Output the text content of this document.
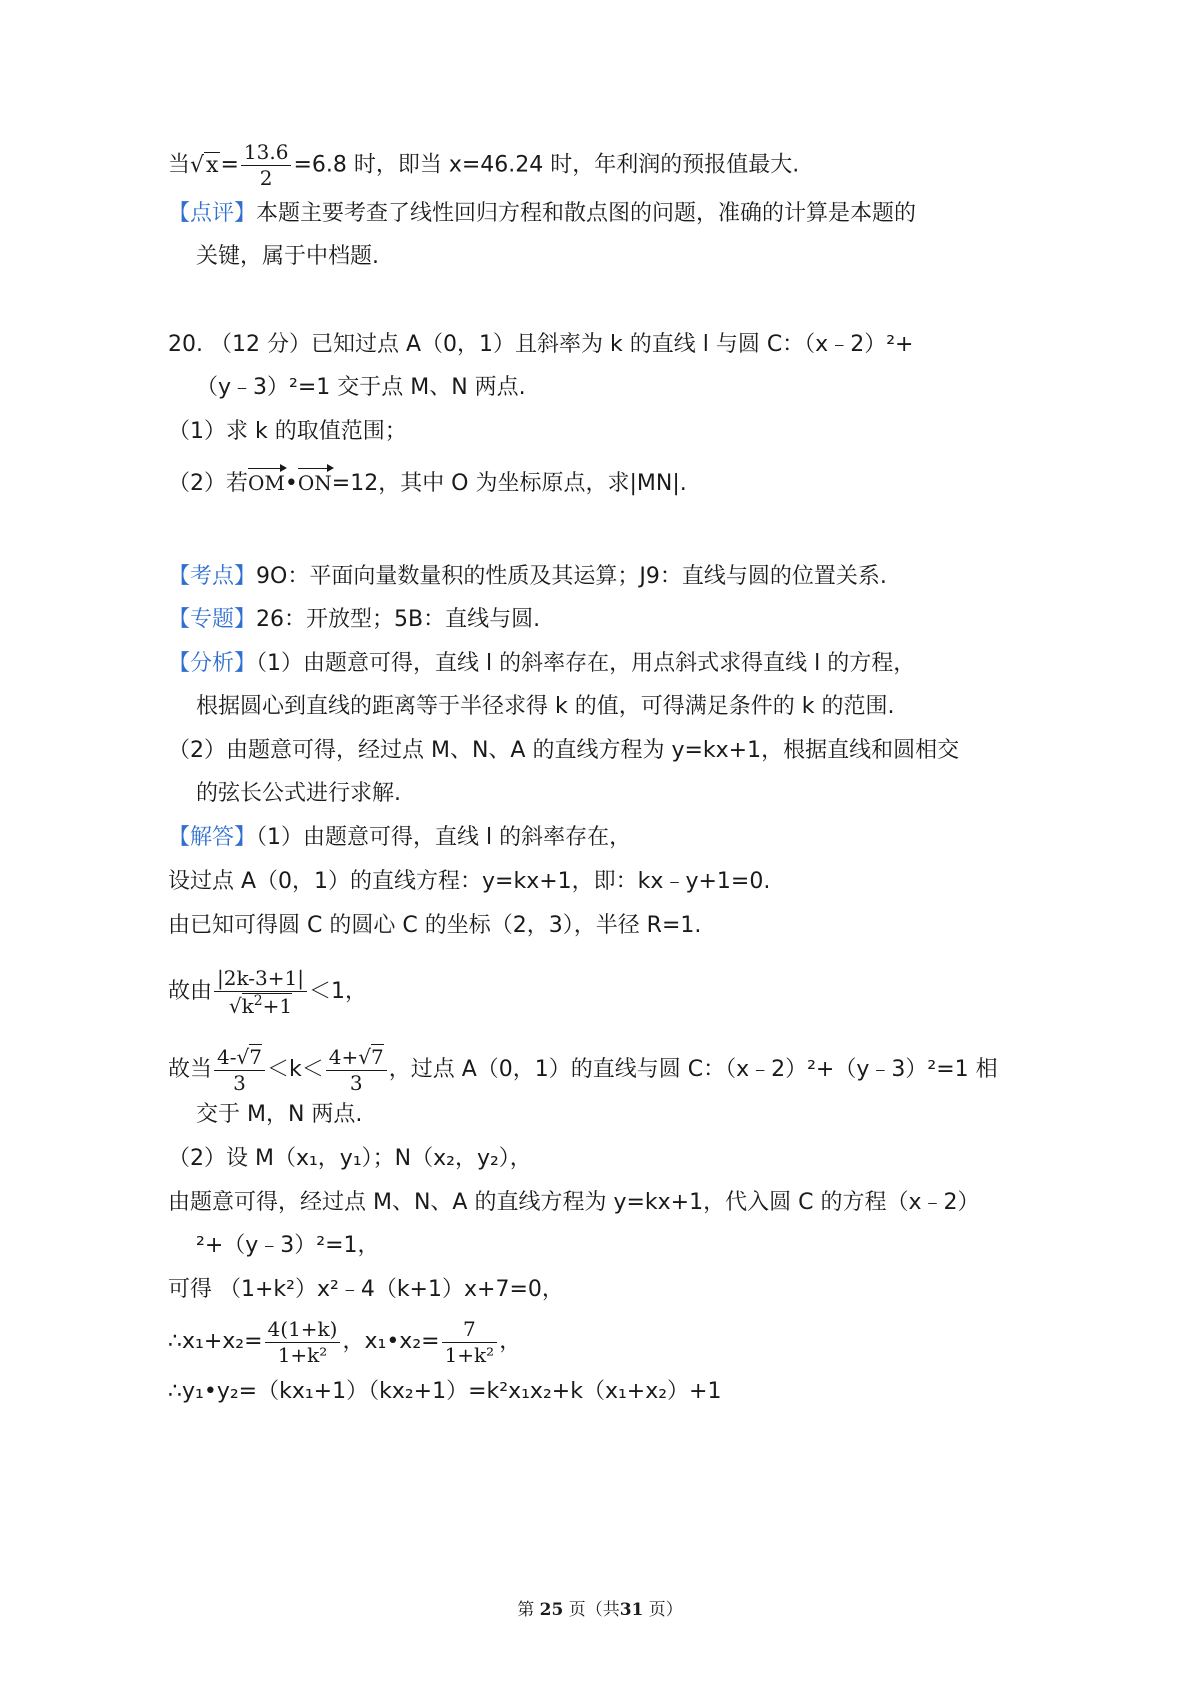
当$√x= \frac{13.6}{2} =6.8$ 时，即当 x=46.24 时，年利润的预报值最大.
【点评】本题主要考查了线性回归方程和散点图的问题，准确的计算是本题的
关键，属于中档题.
20. （12 分）已知过点 A（0，1）且斜率为 k 的直线 l 与圆 C：（x﹣2）²+
（y﹣3）²=1 交于点 M、N 两点.
（1）求 k 的取值范围；
（2）若OM•ON=12，其中 O 为坐标原点，求|MN|.
【考点】9O：平面向量数量积的性质及其运算；J9：直线与圆的位置关系.
【专题】26：开放型；5B：直线与圆.
【分析】（1）由题意可得，直线 l 的斜率存在，用点斜式求得直线 l 的方程，
根据圆心到直线的距离等于半径求得 k 的值，可得满足条件的 k 的范围.
（2）由题意可得，经过点 M、N、A 的直线方程为 y=kx+1，根据直线和圆相交
的弦长公式进行求解.
【解答】（1）由题意可得，直线 l 的斜率存在，
设过点 A（0，1）的直线方程：y=kx+1，即：kx﹣y+1=0.
由已知可得圆 C 的圆心 C 的坐标（2，3），半径 R=1.
故由 $\frac{|2k-3+1|}{√k^2+1} <1$，
故当 $\frac{4-√7}{3} <k< \frac{4+√7}{3}$ ，过点 A（0，1）的直线与圆 C：（x﹣2）²+（y﹣3）²=1 相
交于 M，N 两点.
（2）设 M（x₁，y₁）；N（x₂，y₂），
由题意可得，经过点 M、N、A 的直线方程为 y=kx+1，代入圆 C 的方程（x﹣2）
²+（y﹣3）²=1，
可得 （1+k²）x²﹣4（k+1）x+7=0，
∴x₁+x₂= $\frac{4(1+k)}{\text{1+k²}}$ ，x₁•x₂= $\frac{7}{\text{1+k²}}$ ，
∴y₁•y₂=（kx₁+1）（kx₂+1）=k²x₁x₂+k（x₁+x₂）+1
第 25 页（共31 页）
